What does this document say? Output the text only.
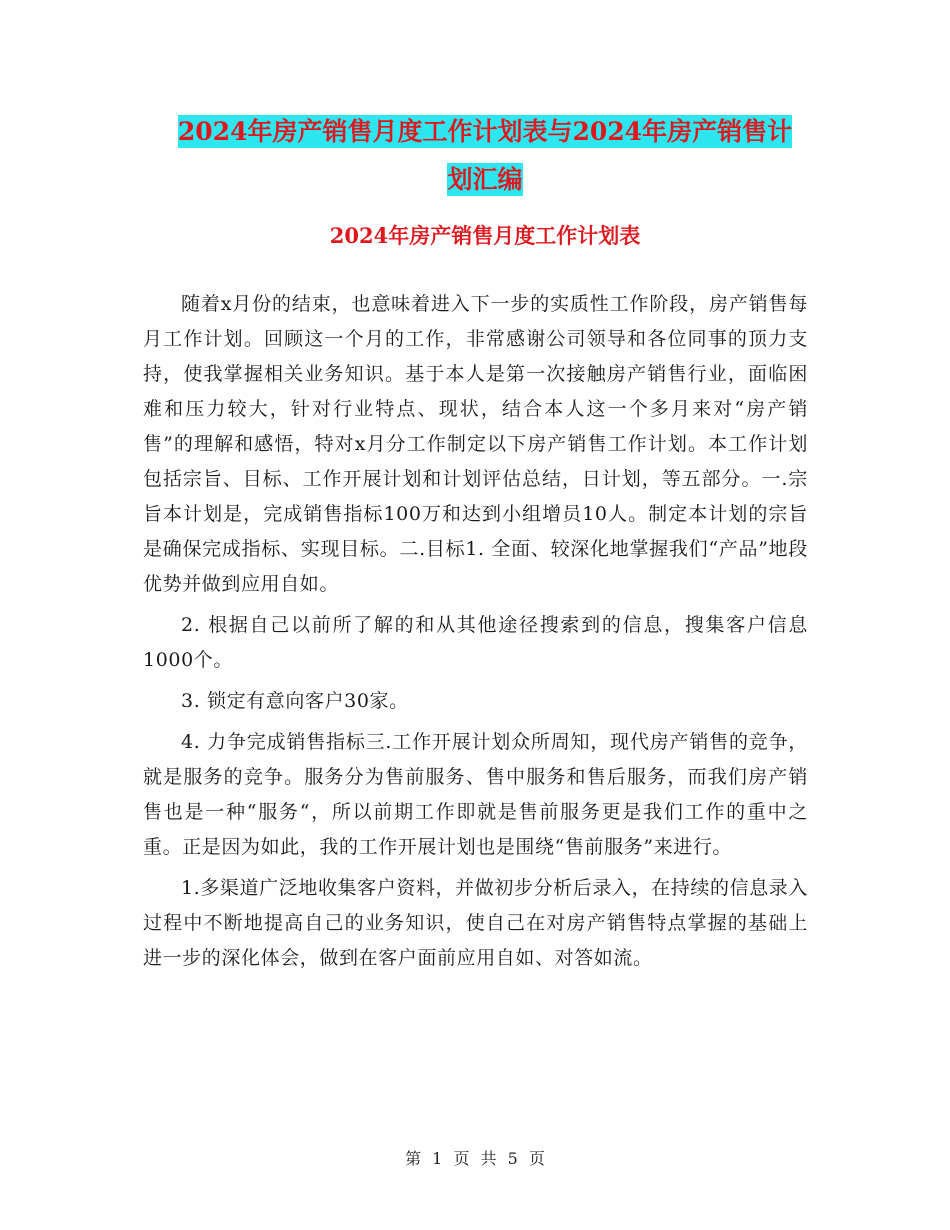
2024年房产销售月度工作计划表与2024年房产销售计
划汇编
2024年房产销售月度工作计划表

随着x月份的结束，也意味着进入下一步的实质性工作阶段，房产销售每月工作计划。回顾这一个月的工作，非常感谢公司领导和各位同事的顶力支持，使我掌握相关业务知识。基于本人是第一次接触房产销售行业，面临困难和压力较大，针对行业特点、现状，结合本人这一个多月来对“房产销售”的理解和感悟，特对x月分工作制定以下房产销售工作计划。本工作计划包括宗旨、目标、工作开展计划和计划评估总结，日计划，等五部分。一.宗旨本计划是，完成销售指标100万和达到小组增员10人。制定本计划的宗旨是确保完成指标、实现目标。二.目标1. 全面、较深化地掌握我们“产品”地段优势并做到应用自如。

2. 根据自己以前所了解的和从其他途径搜索到的信息，搜集客户信息1000个。

3. 锁定有意向客户30家。

4. 力争完成销售指标三.工作开展计划众所周知，现代房产销售的竞争，就是服务的竞争。服务分为售前服务、售中服务和售后服务，而我们房产销售也是一种“服务“，所以前期工作即就是售前服务更是我们工作的重中之重。正是因为如此，我的工作开展计划也是围绕“售前服务”来进行。

1.多渠道广泛地收集客户资料，并做初步分析后录入，在持续的信息录入过程中不断地提高自己的业务知识，使自己在对房产销售特点掌握的基础上进一步的深化体会，做到在客户面前应用自如、对答如流。

第 1 页 共 5 页
